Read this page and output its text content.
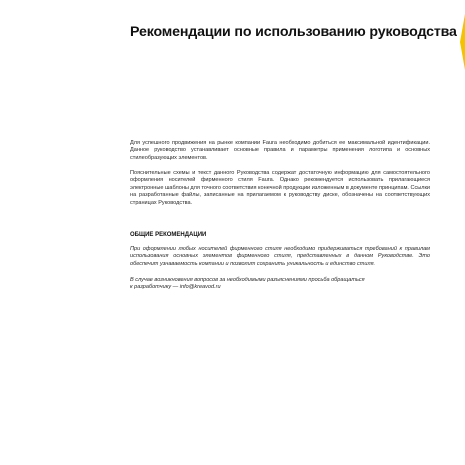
Рекомендации по использованию руководства

Для успешного продвижения на рынке компании Faura необходимо добиться ее максимальной идентификации. Данное руководство устанавливает основные правила и параметры применения логотипа и основных стилеобразующих элементов.

Пояснительные схемы и текст данного Руководства содержат достаточную информацию для самостоятельного оформления носителей фирменного стиля Faura. Однако рекомендуется использовать прилагающиеся электронные шаблоны для точного соответствия конечной продукции изложенным в документе принципам. Ссылки на разработанные файлы, записанные на прилагаемом к руководству диске, обозначены на соответствующих страницах Руководства.

ОБЩИЕ РЕКОМЕНДАЦИИ

При оформлении любых носителей фирменного стиля необходимо придерживаться требований к правилам использования основных элементов фирменного стиля, представленных в данном Руководстве. Это обеспечит узнаваемость компании и позволит сохранить уникальность и единство стиля.

В случае возникновения вопросов за необходимыми разъяснениями просьба обращаться
к разработчику — info@kreavod.ru
